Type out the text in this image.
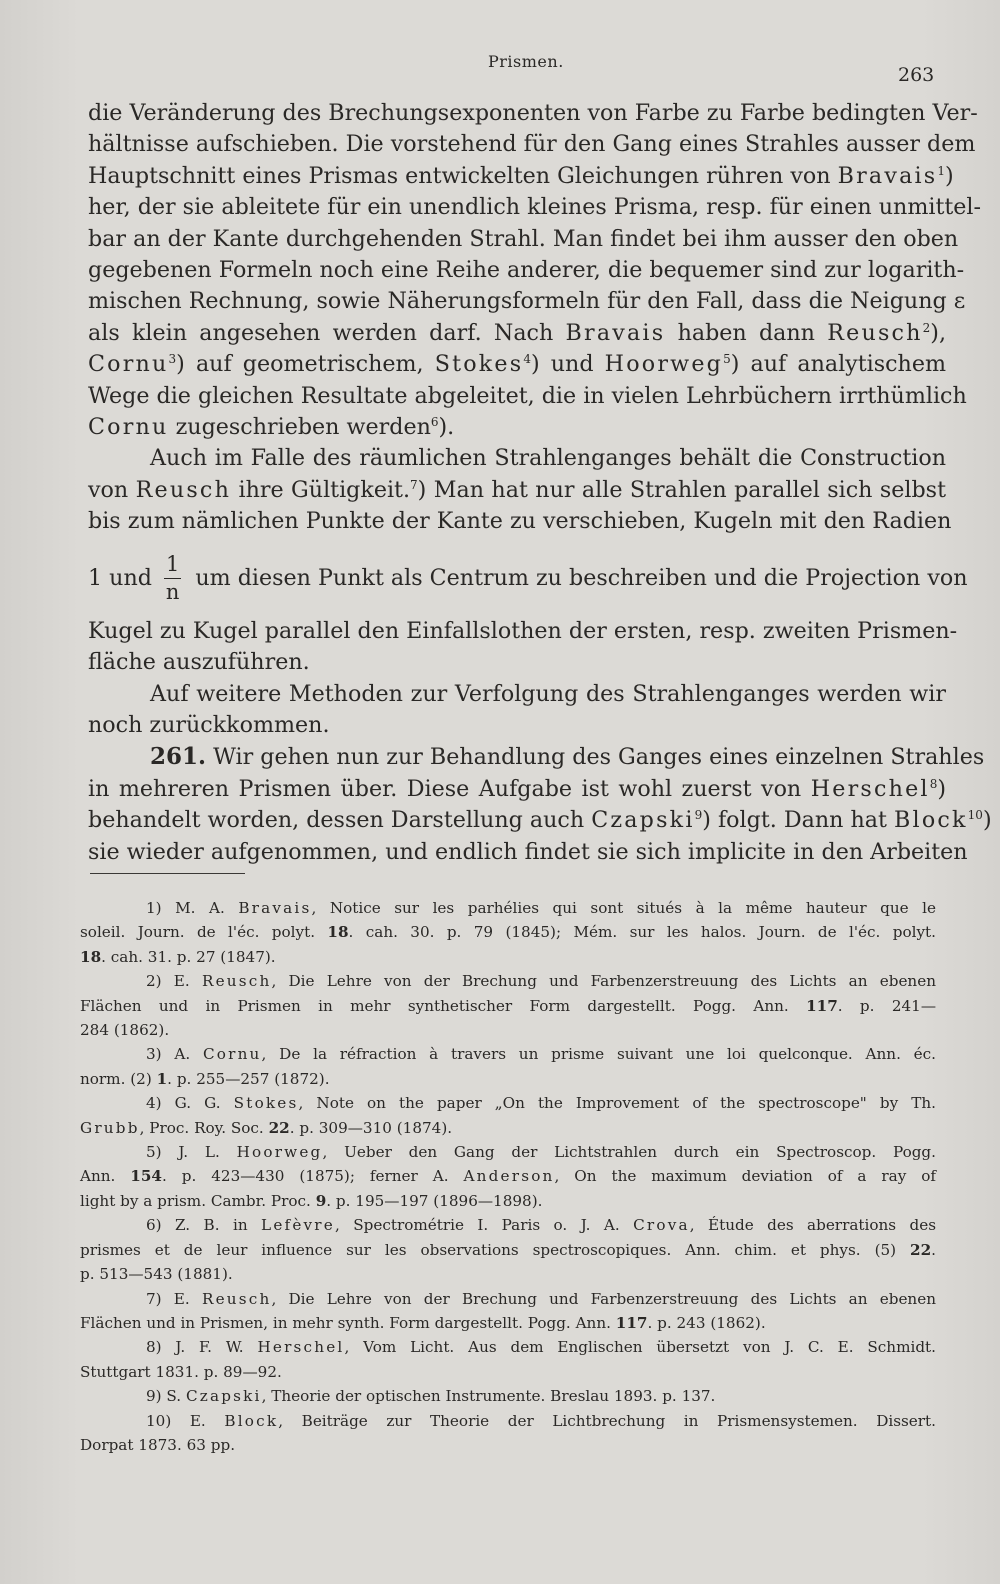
Prismen.
263
die Veränderung des Brechungsexponenten von Farbe zu Farbe bedingten Ver-
hältnisse aufschieben. Die vorstehend für den Gang eines Strahles ausser dem
Hauptschnitt eines Prismas entwickelten Gleichungen rühren von Bravais$^1$)
her, der sie ableitete für ein unendlich kleines Prisma, resp. für einen unmittel-
bar an der Kante durchgehenden Strahl. Man findet bei ihm ausser den oben
gegebenen Formeln noch eine Reihe anderer, die bequemer sind zur logarith-
mischen Rechnung, sowie Näherungsformeln für den Fall, dass die Neigung ε
als klein angesehen werden darf. Nach Bravais haben dann Reusch$^2$),
Cornu$^3$) auf geometrischem, Stokes$^4$) und Hoorweg$^5$) auf analytischem
Wege die gleichen Resultate abgeleitet, die in vielen Lehrbüchern irrthümlich
Cornu zugeschrieben werden$^6$).
Auch im Falle des räumlichen Strahlenganges behält die Construction
von Reusch ihre Gültigkeit.$^7$) Man hat nur alle Strahlen parallel sich selbst
bis zum nämlichen Punkte der Kante zu verschieben, Kugeln mit den Radien
1 und $\frac{1}{n}$ um diesen Punkt als Centrum zu beschreiben und die Projection von
Kugel zu Kugel parallel den Einfallslothen der ersten, resp. zweiten Prismen-
fläche auszuführen.
Auf weitere Methoden zur Verfolgung des Strahlenganges werden wir
noch zurückkommen.
261. Wir gehen nun zur Behandlung des Ganges eines einzelnen Strahles
in mehreren Prismen über. Diese Aufgabe ist wohl zuerst von Herschel$^8$)
behandelt worden, dessen Darstellung auch Czapski$^9$) folgt. Dann hat Block$^{10}$)
sie wieder aufgenommen, und endlich findet sie sich implicite in den Arbeiten
1) M. A. Bravais, Notice sur les parhélies qui sont situés à la même hauteur que le
soleil. Journ. de l'éc. polyt. 18. cah. 30. p. 79 (1845); Mém. sur les halos. Journ. de l'éc. polyt.
18. cah. 31. p. 27 (1847).
2) E. Reusch, Die Lehre von der Brechung und Farbenzerstreuung des Lichts an ebenen
Flächen und in Prismen in mehr synthetischer Form dargestellt. Pogg. Ann. 117. p. 241—
284 (1862).
3) A. Cornu, De la réfraction à travers un prisme suivant une loi quelconque. Ann. éc.
norm. (2) 1. p. 255—257 (1872).
4) G. G. Stokes, Note on the paper „On the Improvement of the spectroscope" by Th.
Grubb, Proc. Roy. Soc. 22. p. 309—310 (1874).
5) J. L. Hoorweg, Ueber den Gang der Lichtstrahlen durch ein Spectroscop. Pogg.
Ann. 154. p. 423—430 (1875); ferner A. Anderson, On the maximum deviation of a ray of
light by a prism. Cambr. Proc. 9. p. 195—197 (1896—1898).
6) Z. B. in Lefèvre, Spectrométrie I. Paris o. J. A. Crova, Étude des aberrations des
prismes et de leur influence sur les observations spectroscopiques. Ann. chim. et phys. (5) 22.
p. 513—543 (1881).
7) E. Reusch, Die Lehre von der Brechung und Farbenzerstreuung des Lichts an ebenen
Flächen und in Prismen, in mehr synth. Form dargestellt. Pogg. Ann. 117. p. 243 (1862).
8) J. F. W. Herschel, Vom Licht. Aus dem Englischen übersetzt von J. C. E. Schmidt.
Stuttgart 1831. p. 89—92.
9) S. Czapski, Theorie der optischen Instrumente. Breslau 1893. p. 137.
10) E. Block, Beiträge zur Theorie der Lichtbrechung in Prismensystemen. Dissert.
Dorpat 1873. 63 pp.
